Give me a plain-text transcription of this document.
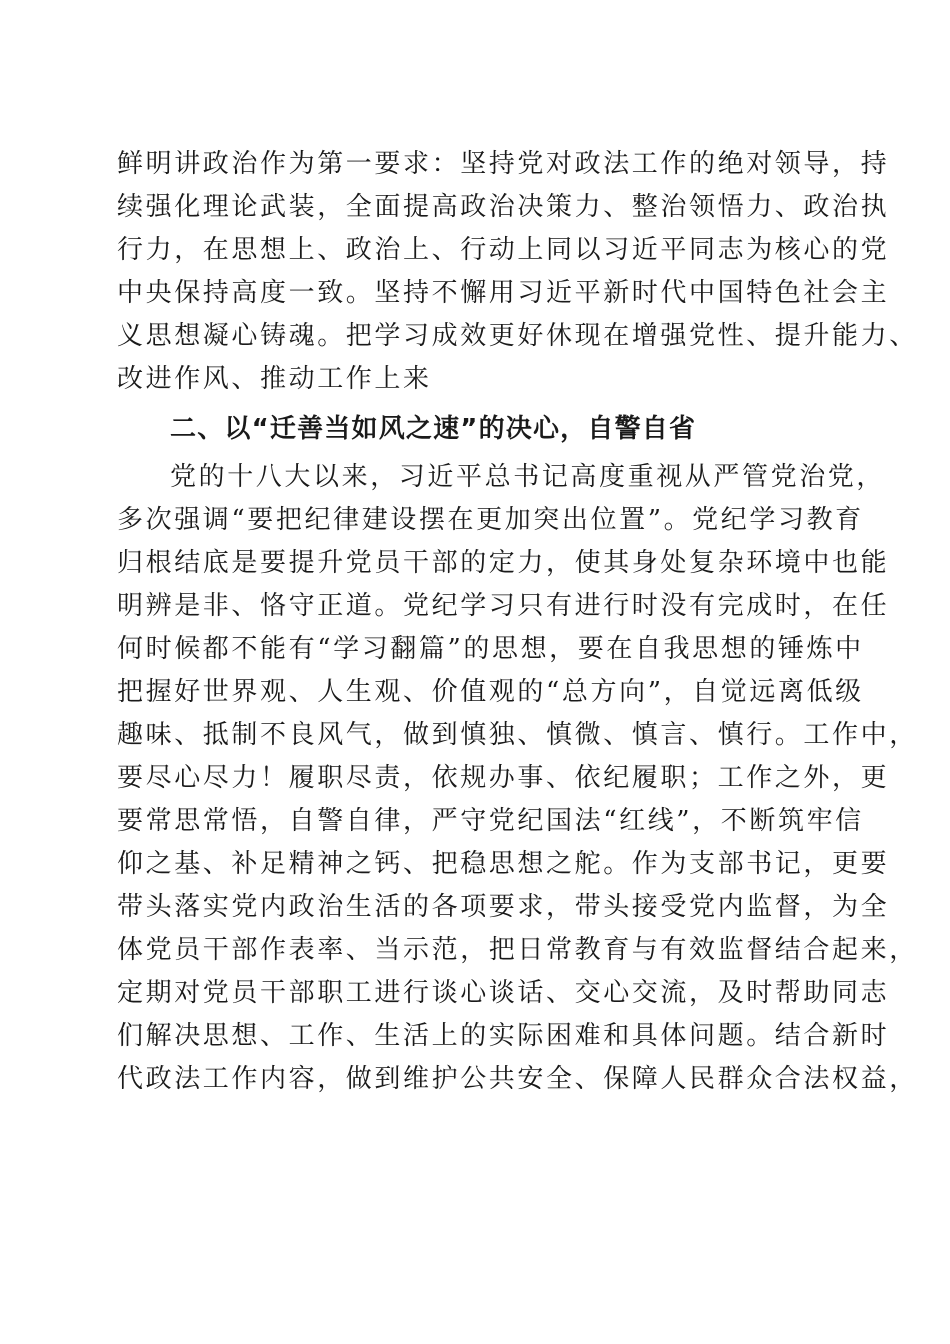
鲜明讲政治作为第一要求：坚持党对政法工作的绝对领导，持
续强化理论武装，全面提高政治决策力、整治领悟力、政治执
行力，在思想上、政治上、行动上同以习近平同志为核心的党
中央保持高度一致。坚持不懈用习近平新时代中国特色社会主
义思想凝心铸魂。把学习成效更好休现在增强党性、提升能力、
改进作风、推动工作上来
二、以“迁善当如风之速”的决心，自警自省
党的十八大以来，习近平总书记高度重视从严管党治党，
多次强调“要把纪律建设摆在更加突出位置”。党纪学习教育
归根结底是要提升党员干部的定力，使其身处复杂环境中也能
明辨是非、恪守正道。党纪学习只有进行时没有完成时，在任
何时候都不能有“学习翻篇”的思想，要在自我思想的锤炼中
把握好世界观、人生观、价值观的“总方向”，自觉远离低级
趣味、抵制不良风气，做到慎独、慎微、慎言、慎行。工作中，
要尽心尽力！履职尽责，依规办事、依纪履职；工作之外，更
要常思常悟，自警自律，严守党纪国法“红线”，不断筑牢信
仰之基、补足精神之钙、把稳思想之舵。作为支部书记，更要
带头落实党内政治生活的各项要求，带头接受党内监督，为全
体党员干部作表率、当示范，把日常教育与有效监督结合起来，
定期对党员干部职工进行谈心谈话、交心交流，及时帮助同志
们解决思想、工作、生活上的实际困难和具体问题。结合新时
代政法工作内容，做到维护公共安全、保障人民群众合法权益，
